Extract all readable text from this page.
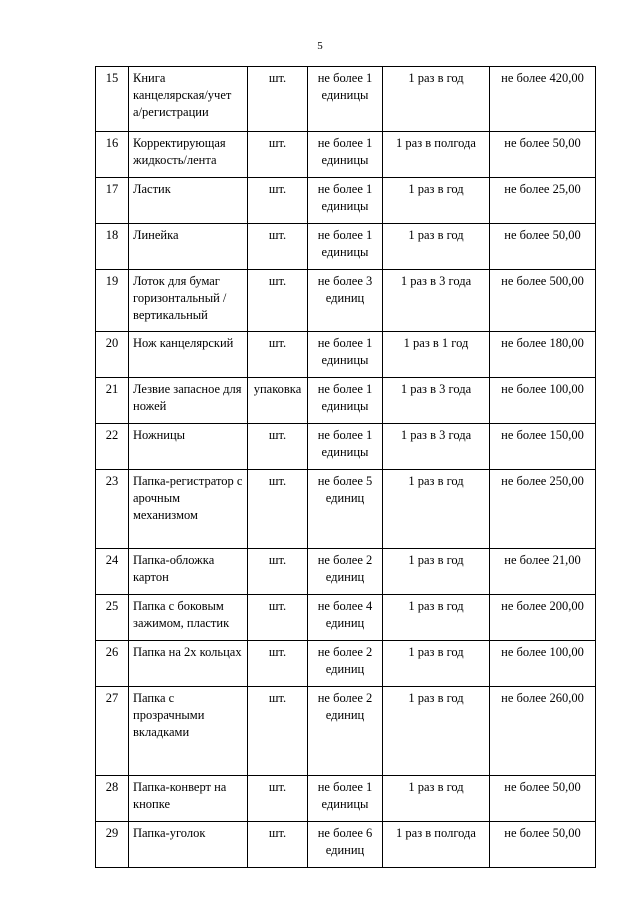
5
15	Книга канцелярская/учет а/регистрации	шт.	не более 1 единицы	1 раз в год	не более 420,00
16	Корректирующая жидкость/лента	шт.	не более 1 единицы	1 раз в полгода	не более 50,00
17	Ластик	шт.	не более 1 единицы	1 раз в год	не более 25,00
18	Линейка	шт.	не более 1 единицы	1 раз в год	не более 50,00
19	Лоток для бумаг горизонтальный / вертикальный	шт.	не более 3 единиц	1 раз в 3 года	не более 500,00
20	Нож канцелярский	шт.	не более 1 единицы	1 раз в 1 год	не более 180,00
21	Лезвие запасное для ножей	упаковка	не более 1 единицы	1 раз в 3 года	не более 100,00
22	Ножницы	шт.	не более 1 единицы	1 раз в 3 года	не более 150,00
23	Папка-регистратор с арочным механизмом	шт.	не более 5 единиц	1 раз в год	не более 250,00
24	Папка-обложка картон	шт.	не более 2 единиц	1 раз в год	не более 21,00
25	Папка с боковым зажимом, пластик	шт.	не более 4 единиц	1 раз в год	не более 200,00
26	Папка на 2х кольцах	шт.	не более 2 единиц	1 раз в год	не более 100,00
27	Папка с прозрачными вкладками	шт.	не более 2 единиц	1 раз в год	не более 260,00
28	Папка-конверт на кнопке	шт.	не более 1 единицы	1 раз в год	не более 50,00
29	Папка-уголок	шт.	не более 6 единиц	1 раз в полгода	не более 50,00
